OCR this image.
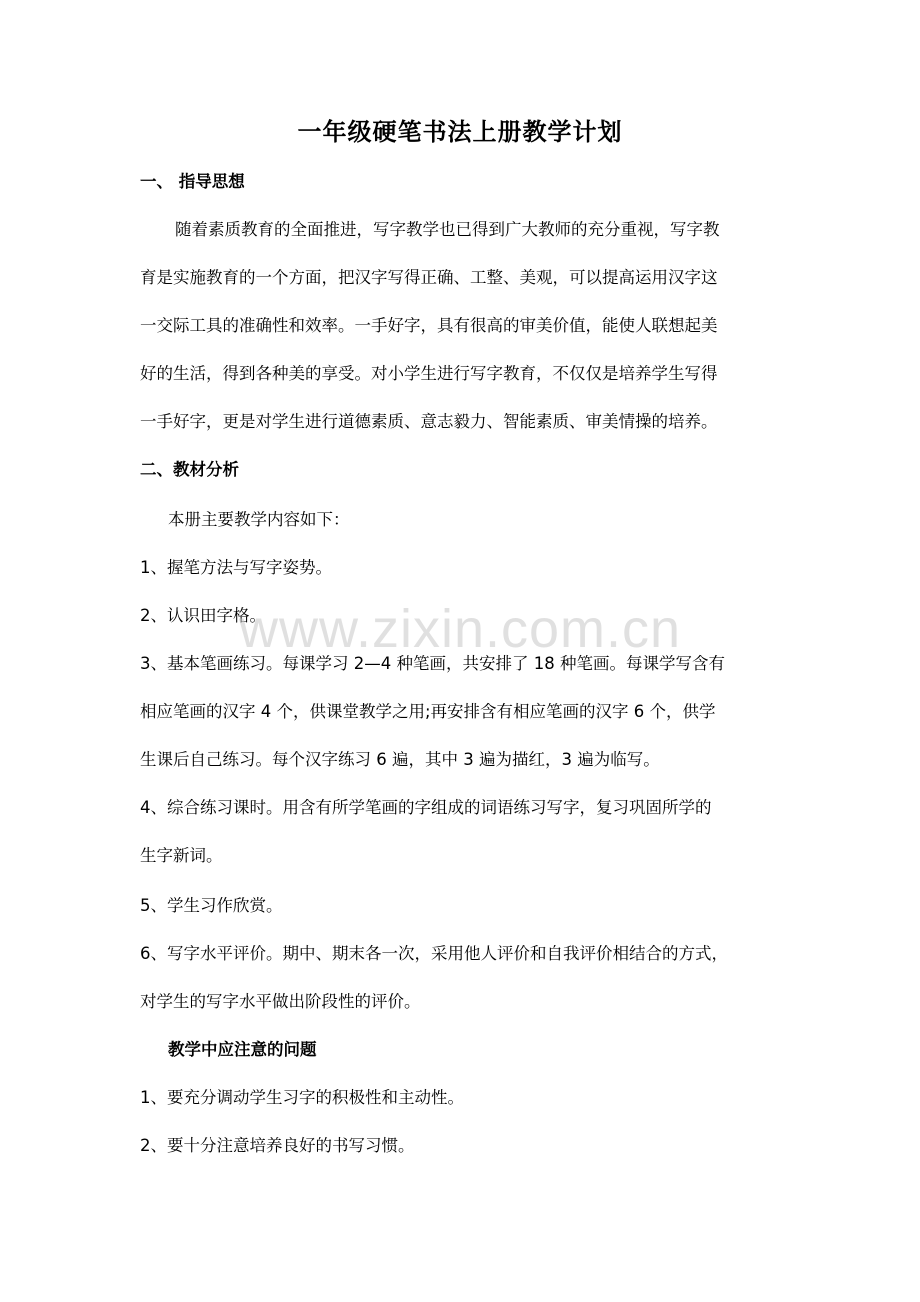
一年级硬笔书法上册教学计划
一、 指导思想
随着素质教育的全面推进，写字教学也已得到广大教师的充分重视，写字教
育是实施教育的一个方面，把汉字写得正确、工整、美观，可以提高运用汉字这
一交际工具的准确性和效率。一手好字，具有很高的审美价值，能使人联想起美
好的生活，得到各种美的享受。对小学生进行写字教育，不仅仅是培养学生写得
一手好字，更是对学生进行道德素质、意志毅力、智能素质、审美情操的培养。
二、教材分析
本册主要教学内容如下：
1、握笔方法与写字姿势。
2、认识田字格。
3、基本笔画练习。每课学习 2—4 种笔画，共安排了 18 种笔画。每课学写含有
相应笔画的汉字 4 个，供课堂教学之用;再安排含有相应笔画的汉字 6 个，供学
生课后自己练习。每个汉字练习 6 遍，其中 3 遍为描红，3 遍为临写。
4、综合练习课时。用含有所学笔画的字组成的词语练习写字，复习巩固所学的
生字新词。
5、学生习作欣赏。
6、写字水平评价。期中、期末各一次，采用他人评价和自我评价相结合的方式，
对学生的写字水平做出阶段性的评价。
教学中应注意的问题
1、要充分调动学生习字的积极性和主动性。
2、要十分注意培养良好的书写习惯。
www.zixin.com.cn
